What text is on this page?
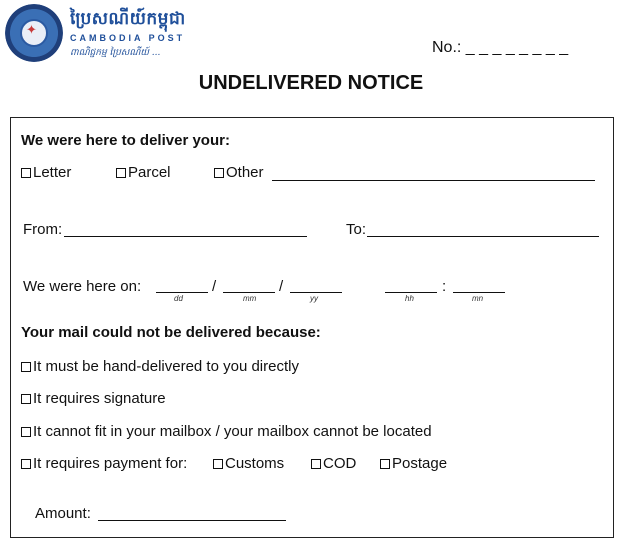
✦
ប្រៃសណីយ៍កម្ពុជា
CAMBODIA POST
ពាណិជ្ជកម្ម ប្រៃសណីយ៍ ...	No.: _ _ _ _ _ _ _ _
UNDELIVERED NOTICE
We were here to deliver your:
Letter	Parcel	Other
From:	To:
We were here on:	/	/	:
dd	mm	yy	hh	mn
Your mail could not be delivered because:
It must be hand-delivered to you directly
It requires signature
It cannot fit in your mailbox / your mailbox cannot be located
It requires payment for:	Customs	COD	Postage
Amount:
